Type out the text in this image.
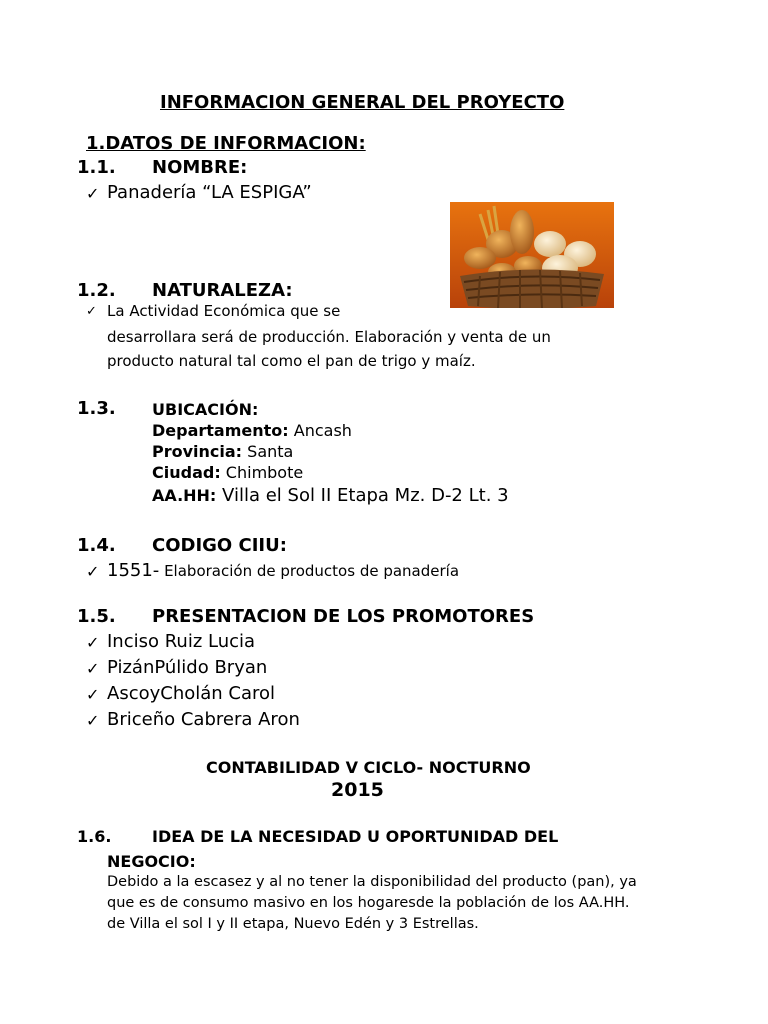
INFORMACION GENERAL DEL PROYECTO
1.DATOS DE INFORMACION:
1.1. NOMBRE:
✓ Panadería “LA ESPIGA”
1.2. NATURALEZA:
✓ La Actividad Económica que se
desarrollara será de producción. Elaboración y venta de un
producto natural tal como el pan de trigo y maíz.
1.3. UBICACIÓN:
Departamento: Ancash
Provincia: Santa
Ciudad: Chimbote
AA.HH: Villa el Sol II Etapa Mz. D-2 Lt. 3
1.4. CODIGO CIIU:
✓ 1551- Elaboración de productos de panadería
1.5. PRESENTACION DE LOS PROMOTORES
✓ Inciso Ruiz Lucia
✓ PizánPúlido Bryan
✓ AscoyCholán Carol
✓ Briceño Cabrera Aron
CONTABILIDAD V CICLO- NOCTURNO
2015
1.6.	IDEA DE LA NECESIDAD U OPORTUNIDAD DEL
NEGOCIO:
Debido a la escasez y al no tener la disponibilidad del producto (pan), ya
que es de consumo masivo en los hogaresde la población de los AA.HH.
de Villa el sol I y II etapa, Nuevo Edén y 3 Estrellas.
